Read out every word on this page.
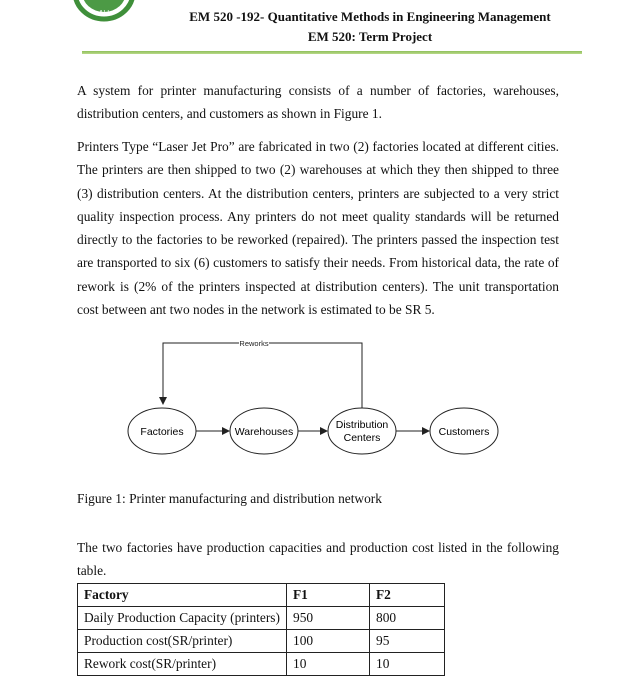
ALI	EM 520 -192- Quantitative Methods in Engineering Management
EM 520: Term Project

A system for printer manufacturing consists of a number of factories, warehouses, distribution centers, and customers as shown in Figure 1.

Printers Type “Laser Jet Pro” are fabricated in two (2) factories located at different cities. The printers are then shipped to two (2) warehouses at which they then shipped to three (3) distribution centers. At the distribution centers, printers are subjected to a very strict quality inspection process. Any printers do not meet quality standards will be returned directly to the factories to be reworked (repaired). The printers passed the inspection test are transported to six (6) customers to satisfy their needs. From historical data, the rate of rework is (2% of the printers inspected at distribution centers). The unit transportation cost between ant two nodes in the network is estimated to be SR 5.

Reworks
Factories	Warehouses
Distribution
Centers	Customers
Figure 1: Printer manufacturing and distribution network

The two factories have production capacities and production cost listed in the following table.

Factory	F1	F2
Daily Production Capacity (printers)	950	800
Production cost(SR/printer)	100	95
Rework cost(SR/printer)	10	10
